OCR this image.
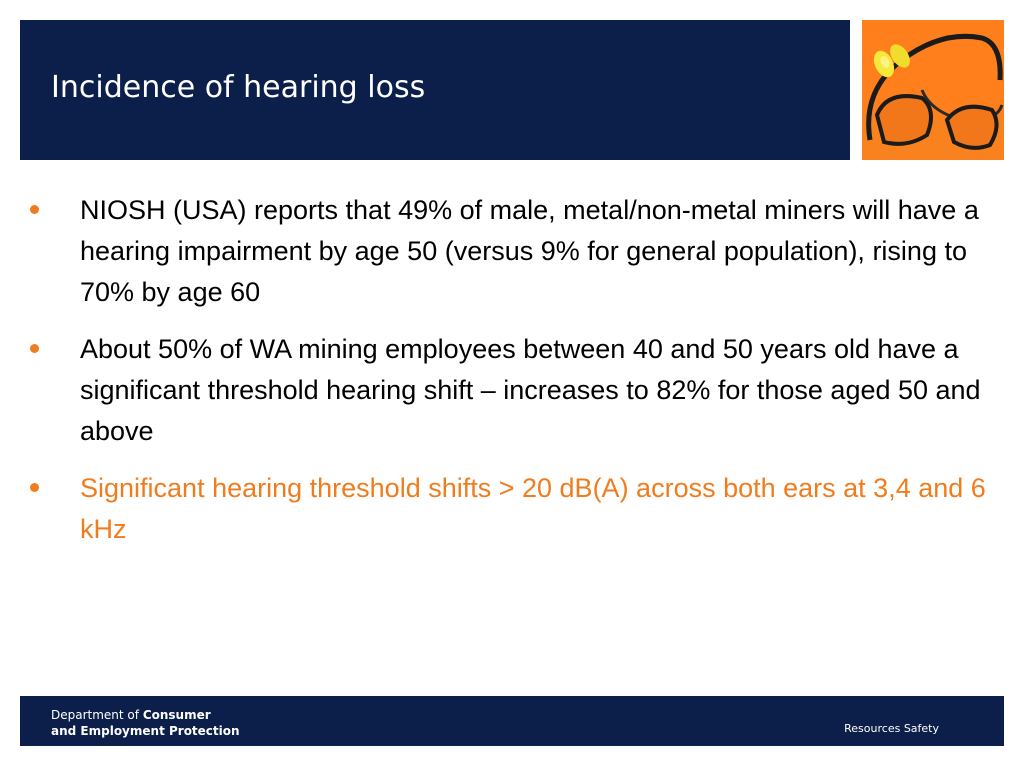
Incidence of hearing loss
NIOSH (USA) reports that 49% of male, metal/non-metal miners will have a hearing impairment by age 50 (versus 9% for general population), rising to 70% by age 60
About 50% of WA mining employees between 40 and 50 years old have a significant threshold hearing shift – increases to 82% for those aged 50 and above
Significant hearing threshold shifts > 20 dB(A) across both ears at 3,4 and 6 kHz
Department of Consumer
and Employment Protection	Resources Safety
